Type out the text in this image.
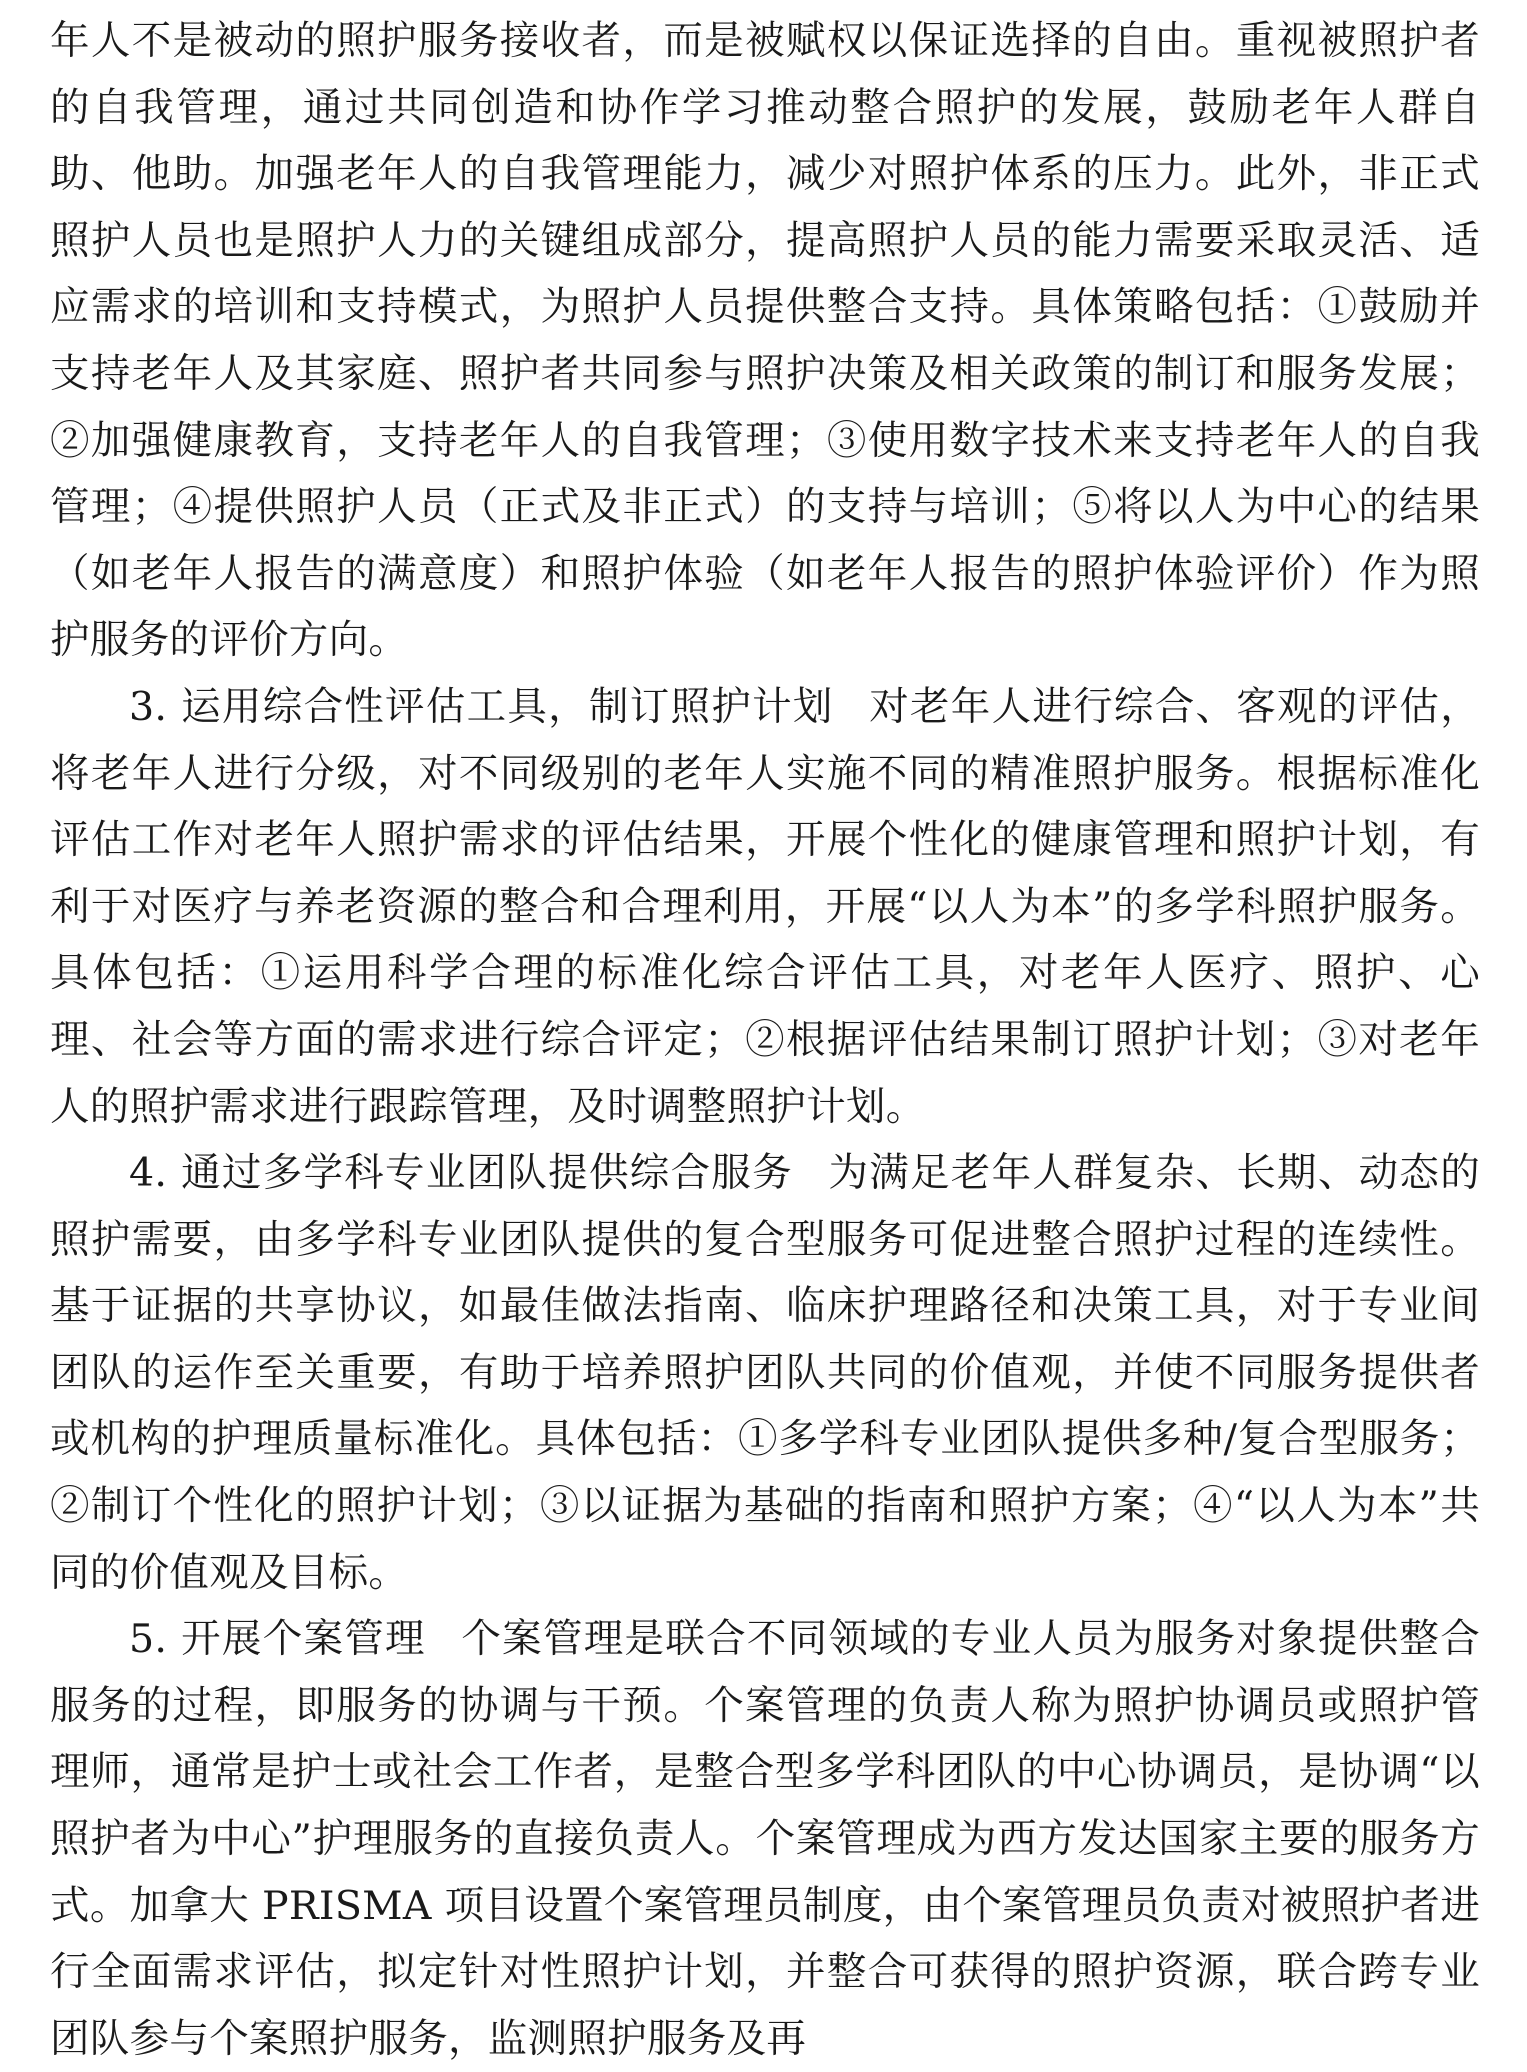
年人不是被动的照护服务接收者，而是被赋权以保证选择的自由。重视被照护者的自我管理，通过共同创造和协作学习推动整合照护的发展，鼓励老年人群自助、他助。加强老年人的自我管理能力，减少对照护体系的压力。此外，非正式照护人员也是照护人力的关键组成部分，提高照护人员的能力需要采取灵活、适应需求的培训和支持模式，为照护人员提供整合支持。具体策略包括：①鼓励并支持老年人及其家庭、照护者共同参与照护决策及相关政策的制订和服务发展；②加强健康教育，支持老年人的自我管理；③使用数字技术来支持老年人的自我管理；④提供照护人员（正式及非正式）的支持与培训；⑤将以人为中心的结果（如老年人报告的满意度）和照护体验（如老年人报告的照护体验评价）作为照护服务的评价方向。

3. 运用综合性评估工具，制订照护计划 对老年人进行综合、客观的评估，将老年人进行分级，对不同级别的老年人实施不同的精准照护服务。根据标准化评估工作对老年人照护需求的评估结果，开展个性化的健康管理和照护计划，有利于对医疗与养老资源的整合和合理利用，开展“以人为本”的多学科照护服务。具体包括：①运用科学合理的标准化综合评估工具，对老年人医疗、照护、心理、社会等方面的需求进行综合评定；②根据评估结果制订照护计划；③对老年人的照护需求进行跟踪管理，及时调整照护计划。

4. 通过多学科专业团队提供综合服务 为满足老年人群复杂、长期、动态的照护需要，由多学科专业团队提供的复合型服务可促进整合照护过程的连续性。基于证据的共享协议，如最佳做法指南、临床护理路径和决策工具，对于专业间团队的运作至关重要，有助于培养照护团队共同的价值观，并使不同服务提供者或机构的护理质量标准化。具体包括：①多学科专业团队提供多种/复合型服务；②制订个性化的照护计划；③以证据为基础的指南和照护方案；④“以人为本”共同的价值观及目标。

5. 开展个案管理 个案管理是联合不同领域的专业人员为服务对象提供整合服务的过程，即服务的协调与干预。个案管理的负责人称为照护协调员或照护管理师，通常是护士或社会工作者，是整合型多学科团队的中心协调员，是协调“以照护者为中心”护理服务的直接负责人。个案管理成为西方发达国家主要的服务方式。加拿大 PRISMA 项目设置个案管理员制度，由个案管理员负责对被照护者进行全面需求评估，拟定针对性照护计划，并整合可获得的照护资源，联合跨专业团队参与个案照护服务，监测照护服务及再
